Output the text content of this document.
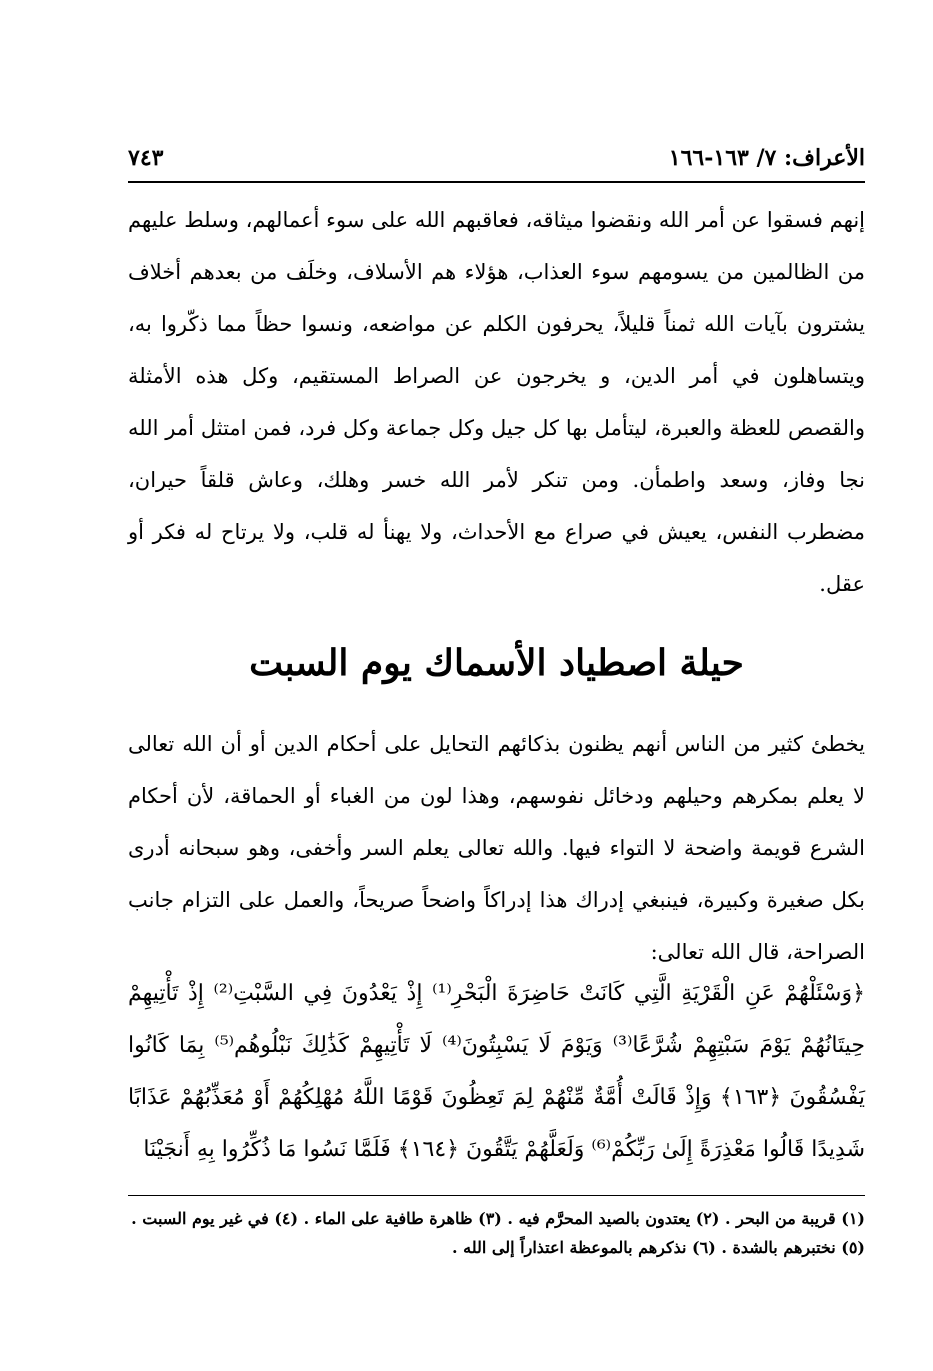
الأعراف: ٧/ ١٦٣-١٦٦
٧٤٣

إنهم فسقوا عن أمر الله ونقضوا ميثاقه، فعاقبهم الله على سوء أعمالهم، وسلط عليهم من الظالمين من يسومهم سوء العذاب، هؤلاء هم الأسلاف، وخلَف من بعدهم أخلاف يشترون بآيات الله ثمناً قليلاً، يحرفون الكلم عن مواضعه، ونسوا حظاً مما ذكّروا به، ويتساهلون في أمر الدين، و يخرجون عن الصراط المستقيم، وكل هذه الأمثلة والقصص للعظة والعبرة، ليتأمل بها كل جيل وكل جماعة وكل فرد، فمن امتثل أمر الله نجا وفاز، وسعد واطمأن. ومن تنكر لأمر الله خسر وهلك، وعاش قلقاً حيران، مضطرب النفس، يعيش في صراع مع الأحداث، ولا يهنأ له قلب، ولا يرتاح له فكر أو عقل.

حيلة اصطياد الأسماك يوم السبت

يخطئ كثير من الناس أنهم يظنون بذكائهم التحايل على أحكام الدين أو أن الله تعالى لا يعلم بمكرهم وحيلهم ودخائل نفوسهم، وهذا لون من الغباء أو الحماقة، لأن أحكام الشرع قويمة واضحة لا التواء فيها. والله تعالى يعلم السر وأخفى، وهو سبحانه أدرى بكل صغيرة وكبيرة، فينبغي إدراك هذا إدراكاً واضحاً صريحاً، والعمل على التزام جانب الصراحة، قال الله تعالى:

﴿وَسْئَلْهُمْ عَنِ الْقَرْيَةِ الَّتِي كَانَتْ حَاضِرَةَ الْبَحْرِ⁽¹⁾ إِذْ يَعْدُونَ فِي السَّبْتِ⁽²⁾ إِذْ تَأْتِيهِمْ حِيتَانُهُمْ يَوْمَ سَبْتِهِمْ شُرَّعًا⁽³⁾ وَيَوْمَ لَا يَسْبِتُونَ⁽⁴⁾ لَا تَأْتِيهِمْ كَذَٰلِكَ نَبْلُوهُم⁽⁵⁾ بِمَا كَانُوا يَفْسُقُونَ ﴿١٦٣﴾ وَإِذْ قَالَتْ أُمَّةٌ مِّنْهُمْ لِمَ تَعِظُونَ قَوْمًا اللَّهُ مُهْلِكُهُمْ أَوْ مُعَذِّبُهُمْ عَذَابًا شَدِيدًا قَالُوا مَعْذِرَةً إِلَىٰ رَبِّكُمْ⁽⁶⁾ وَلَعَلَّهُمْ يَتَّقُونَ ﴿١٦٤﴾ فَلَمَّا نَسُوا مَا ذُكِّرُوا بِهِ أَنجَيْنَا

(١) قريبة من البحر . (٢) يعتدون بالصيد المحرَّم فيه . (٣) ظاهرة طافية على الماء . (٤) في غير يوم السبت .
(٥) نختبرهم بالشدة . (٦) نذكرهم بالموعظة اعتذاراً إلى الله .
